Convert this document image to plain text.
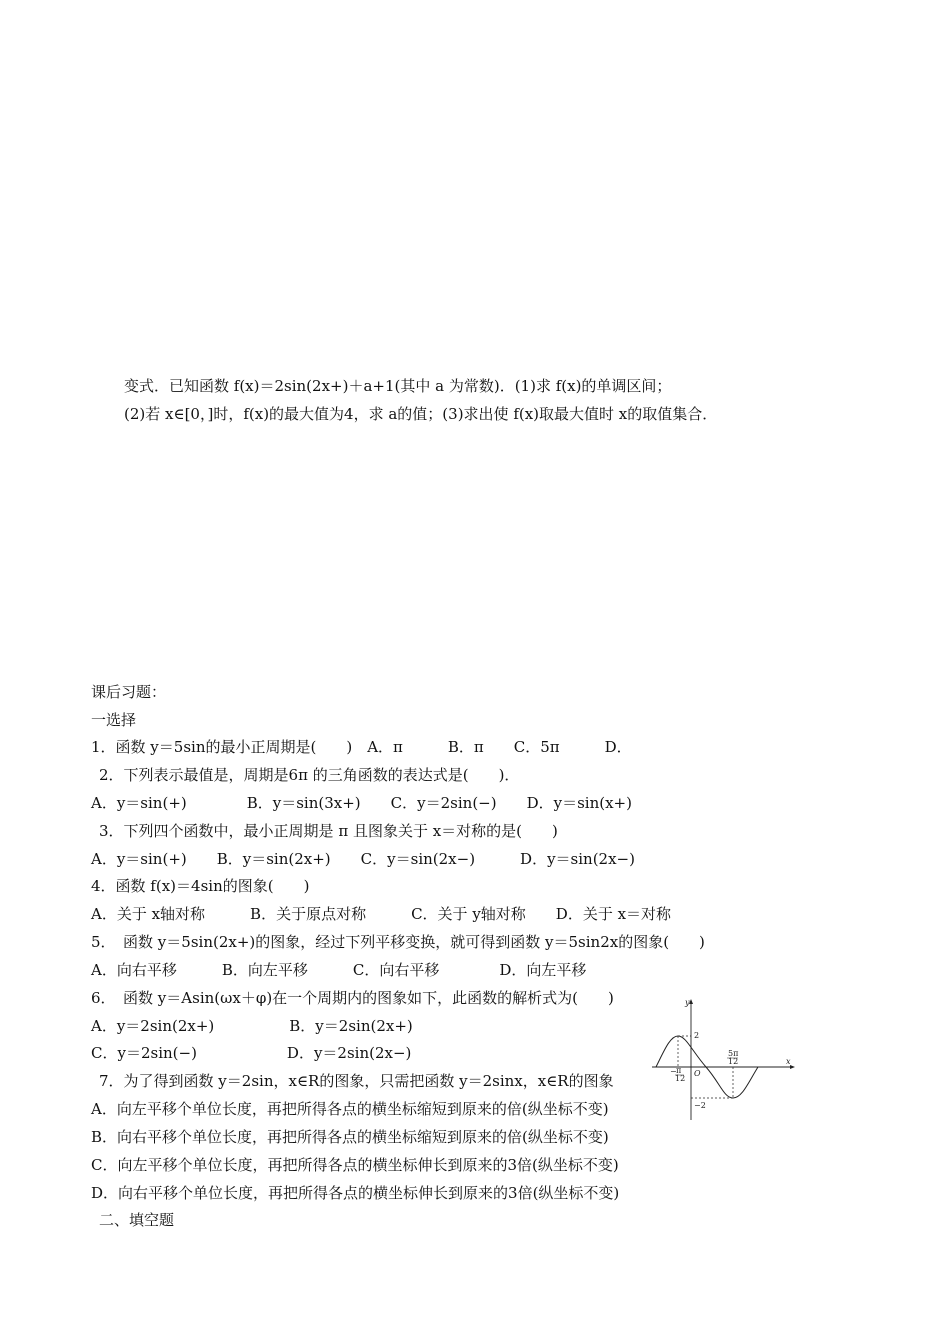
变式．已知函数 f(x)＝2sin(2x+)＋a+1(其中 a 为常数)．(1)求 f(x)的单调区间；
(2)若 x∈[0，]时，f(x)的最大值为4，求 a的值；(3)求出使 f(x)取最大值时 x的取值集合．
课后习题：
一选择
1．函数 y＝5sin的最小正周期是(　　)　A．π　　　B．π　　C．5π　　　D．
2．下列表示最值是，周期是6π 的三角函数的表达式是(　　)．
A．y＝sin(+)　　　　B．y＝sin(3x+)　　C．y＝2sin(−)　　D．y＝sin(x+)
3．下列四个函数中，最小正周期是 π 且图象关于 x＝对称的是(　　)
A．y＝sin(+)　　B．y＝sin(2x+)　　C．y＝sin(2x−)　　　D．y＝sin(2x−)
4．函数 f(x)＝4sin的图象(　　)
A．关于 x轴对称　　　B．关于原点对称　　　C．关于 y轴对称　　D．关于 x＝对称
5．　函数 y＝5sin(2x+)的图象，经过下列平移变换，就可得到函数 y＝5sin2x的图象(　　)
A．向右平移　　　B．向左平移　　　C．向右平移　　　　D．向左平移
6．　函数 y＝Asin(ωx＋φ)在一个周期内的图象如下，此函数的解析式为(　　)
A．y＝2sin(2x+)　　　　　B．y＝2sin(2x+)
C．y＝2sin(−)　　　　　　D．y＝2sin(2x−)
7．为了得到函数 y＝2sin，x∈R的图象，只需把函数 y＝2sinx，x∈R的图象
A．向左平移个单位长度，再把所得各点的横坐标缩短到原来的倍(纵坐标不变)
B．向右平移个单位长度，再把所得各点的横坐标缩短到原来的倍(纵坐标不变)
C．向左平移个单位长度，再把所得各点的横坐标伸长到原来的3倍(纵坐标不变)
D．向右平移个单位长度，再把所得各点的横坐标伸长到原来的3倍(纵坐标不变)
二、填空题
y
x
O
2
−2
− π
12
5π
12
